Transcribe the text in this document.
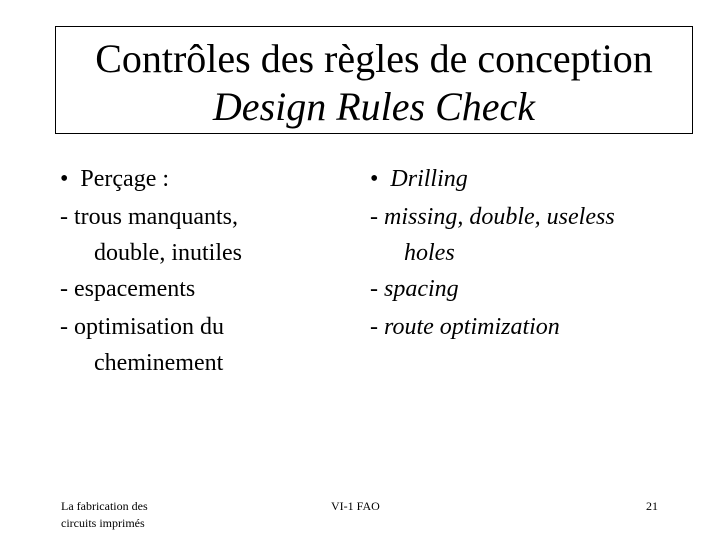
Contrôles des règles de conception
Design Rules Check
• Perçage :
- trous manquants,
double, inutiles
- espacements
- optimisation du
cheminement
• Drilling
- missing, double, useless
holes
- spacing
- route optimization
La fabrication des
circuits imprimés
VI-1 FAO	21
